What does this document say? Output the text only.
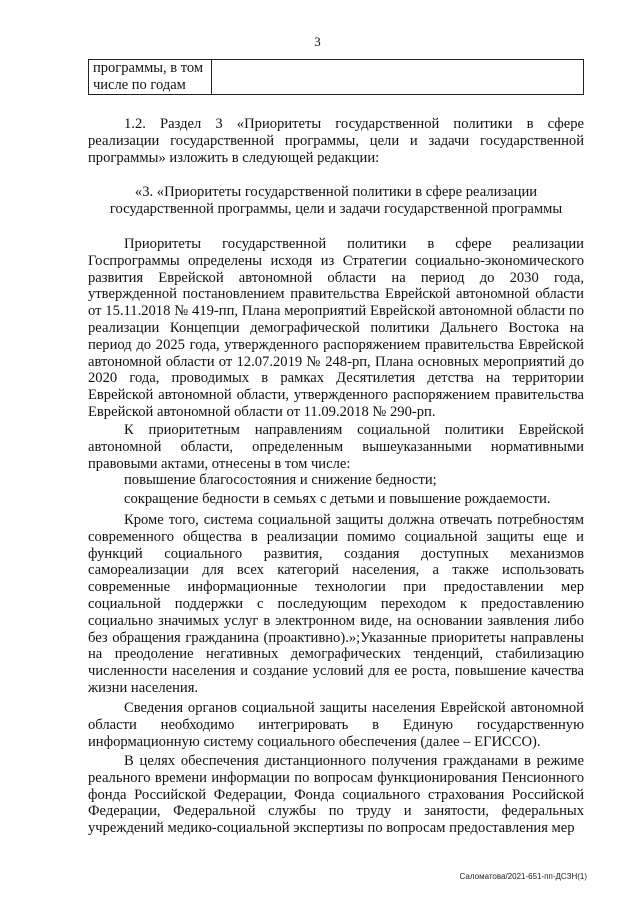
3
программы, в том
числе по годам

1.2. Раздел 3 «Приоритеты государственной политики в сфере реализации государственной программы, цели и задачи государственной программы» изложить в следующей редакции:

«3. «Приоритеты государственной политики в сфере реализации
государственной программы, цели и задачи государственной программы

Приоритеты государственной политики в сфере реализации Госпрограммы определены исходя из Стратегии социально-экономического развития Еврейской автономной области на период до 2030 года, утвержденной постановлением правительства Еврейской автономной области от 15.11.2018 № 419-пп, Плана мероприятий Еврейской автономной области по реализации Концепции демографической политики Дальнего Востока на период до 2025 года, утвержденного распоряжением правительства Еврейской автономной области от 12.07.2019 № 248-рп, Плана основных мероприятий до 2020 года, проводимых в рамках Десятилетия детства на территории Еврейской автономной области, утвержденного распоряжением правительства Еврейской автономной области от 11.09.2018 № 290-рп.

К приоритетным направлениям социальной политики Еврейской автономной области, определенным вышеуказанными нормативными правовыми актами, отнесены в том числе:

повышение благосостояния и снижение бедности;

сокращение бедности в семьях с детьми и повышение рождаемости.

Кроме того, система социальной защиты должна отвечать потребностям современного общества в реализации помимо социальной защиты еще и функций социального развития, создания доступных механизмов самореализации для всех категорий населения, а также использовать современные информационные технологии при предоставлении мер социальной поддержки с последующим переходом к предоставлению социально значимых услуг в электронном виде, на основании заявления либо без обращения гражданина (проактивно).»;Указанные приоритеты направлены на преодоление негативных демографических тенденций, стабилизацию численности населения и создание условий для ее роста, повышение качества жизни населения.

Сведения органов социальной защиты населения Еврейской автономной области необходимо интегрировать в Единую государственную информационную систему социального обеспечения (далее – ЕГИССО).

В целях обеспечения дистанционного получения гражданами в режиме реального времени информации по вопросам функционирования Пенсионного фонда Российской Федерации, Фонда социального страхования Российской Федерации, Федеральной службы по труду и занятости, федеральных учреждений медико-социальной экспертизы по вопросам предоставления мер

Саломатова/2021-651-пп-ДСЗН(1)
